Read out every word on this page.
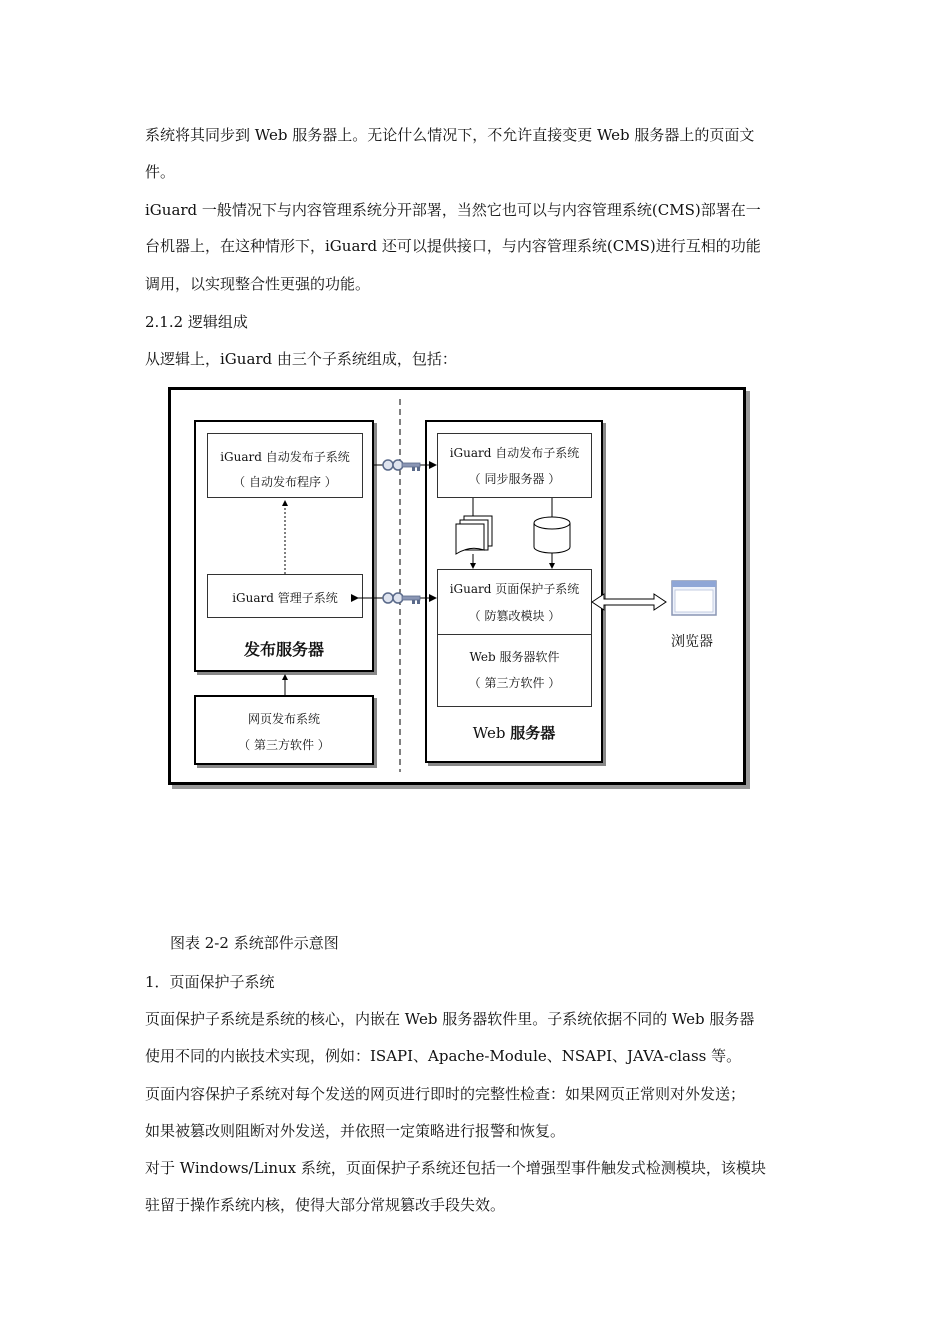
系统将其同步到 Web 服务器上。无论什么情况下，不允许直接变更 Web 服务器上的页面文
件。
iGuard 一般情况下与内容管理系统分开部署，当然它也可以与内容管理系统(CMS)部署在一
台机器上，在这种情形下，iGuard 还可以提供接口，与内容管理系统(CMS)进行互相的功能
调用，以实现整合性更强的功能。
2.1.2 逻辑组成
从逻辑上，iGuard 由三个子系统组成，包括：
iGuard 自动发布子系统
（ 自动发布程序 ）
iGuard 管理子系统
发布服务器
网页发布系统
（ 第三方软件 ）
iGuard 自动发布子系统
（ 同步服务器 ）
iGuard 页面保护子系统
（ 防篡改模块 ）
Web 服务器软件
（ 第三方软件 ）
Web 服务器
浏览器
图表 2-2 系统部件示意图
1．页面保护子系统
页面保护子系统是系统的核心，内嵌在 Web 服务器软件里。子系统依据不同的 Web 服务器
使用不同的内嵌技术实现，例如：ISAPI、Apache-Module、NSAPI、JAVA-class 等。
页面内容保护子系统对每个发送的网页进行即时的完整性检查：如果网页正常则对外发送；
如果被篡改则阻断对外发送，并依照一定策略进行报警和恢复。
对于 Windows/Linux 系统，页面保护子系统还包括一个增强型事件触发式检测模块，该模块
驻留于操作系统内核，使得大部分常规篡改手段失效。
